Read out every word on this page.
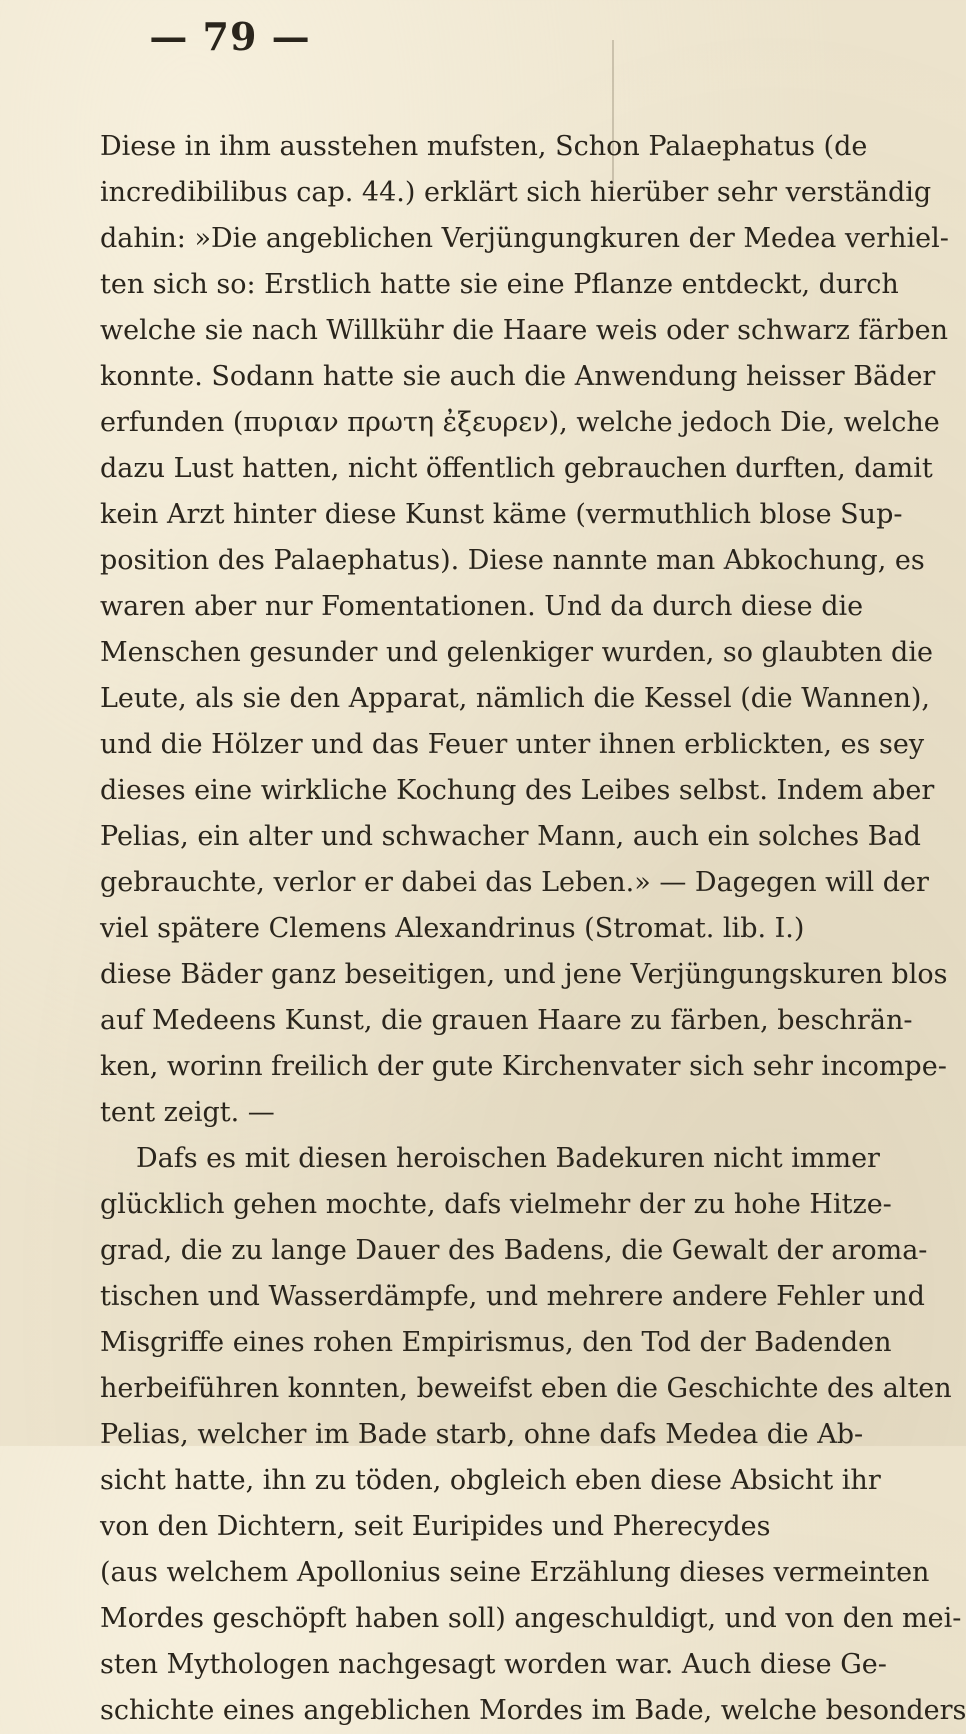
— 79 —
Diese in ihm ausstehen mufsten, Schon Palaephatus (de
incredibilibus cap. 44.) erklärt sich hierüber sehr verständig
dahin: »Die angeblichen Verjüngungkuren der Medea verhiel-
ten sich so: Erstlich hatte sie eine Pflanze entdeckt, durch
welche sie nach Willkühr die Haare weis oder schwarz färben
konnte. Sodann hatte sie auch die Anwendung heisser Bäder
erfunden (πυριαν πρωτη ἐξευρεν), welche jedoch Die, welche
dazu Lust hatten, nicht öffentlich gebrauchen durften, damit
kein Arzt hinter diese Kunst käme (vermuthlich blose Sup-
position des Palaephatus). Diese nannte man Abkochung, es
waren aber nur Fomentationen. Und da durch diese die
Menschen gesunder und gelenkiger wurden, so glaubten die
Leute, als sie den Apparat, nämlich die Kessel (die Wannen),
und die Hölzer und das Feuer unter ihnen erblickten, es sey
dieses eine wirkliche Kochung des Leibes selbst. Indem aber
Pelias, ein alter und schwacher Mann, auch ein solches Bad
gebrauchte, verlor er dabei das Leben.» — Dagegen will der
viel spätere Clemens Alexandrinus (Stromat. lib. I.)
diese Bäder ganz beseitigen, und jene Verjüngungskuren blos
auf Medeens Kunst, die grauen Haare zu färben, beschrän-
ken, worinn freilich der gute Kirchenvater sich sehr incompe-
tent zeigt. —
Dafs es mit diesen heroischen Badekuren nicht immer
glücklich gehen mochte, dafs vielmehr der zu hohe Hitze-
grad, die zu lange Dauer des Badens, die Gewalt der aroma-
tischen und Wasserdämpfe, und mehrere andere Fehler und
Misgriffe eines rohen Empirismus, den Tod der Badenden
herbeiführen konnten, beweifst eben die Geschichte des alten
Pelias, welcher im Bade starb, ohne dafs Medea die Ab-
sicht hatte, ihn zu töden, obgleich eben diese Absicht ihr
von den Dichtern, seit Euripides und Pherecydes
(aus welchem Apollonius seine Erzählung dieses vermeinten
Mordes geschöpft haben soll) angeschuldigt, und von den mei-
sten Mythologen nachgesagt worden war. Auch diese Ge-
schichte eines angeblichen Mordes im Bade, welche besonders
